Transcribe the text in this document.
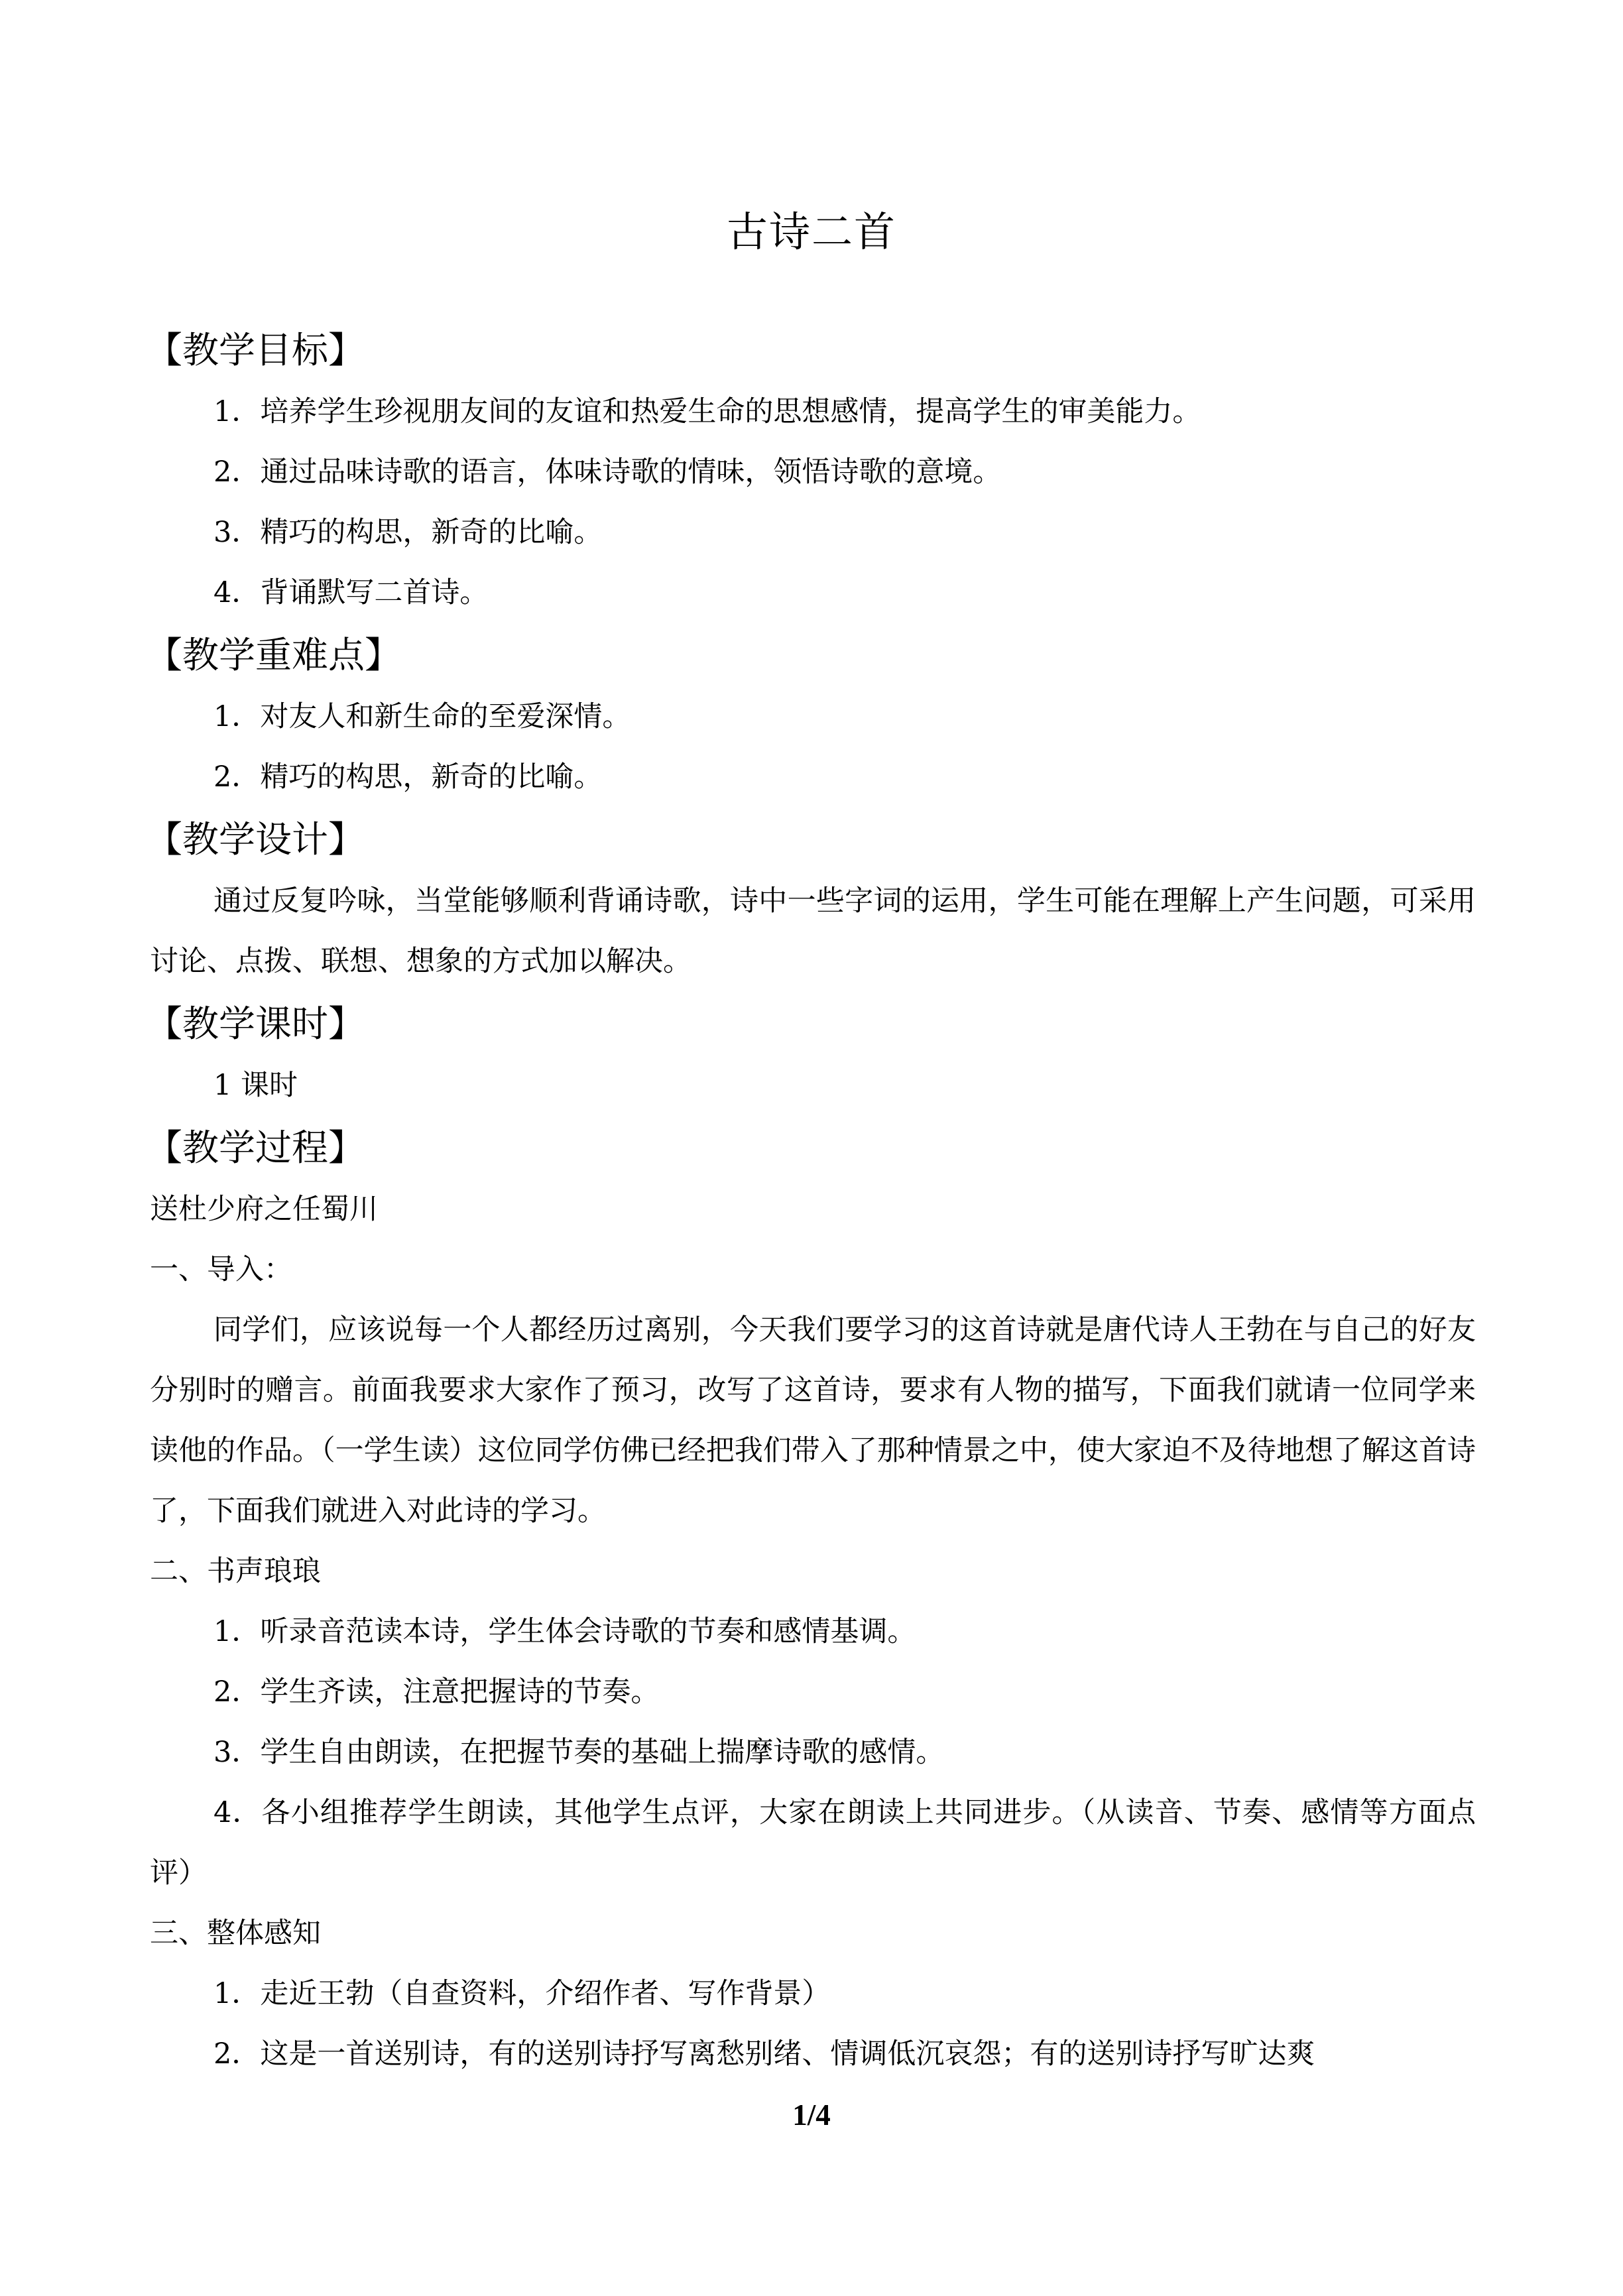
古诗二首
【教学目标】
1．培养学生珍视朋友间的友谊和热爱生命的思想感情，提高学生的审美能力。
2．通过品味诗歌的语言，体味诗歌的情味，领悟诗歌的意境。
3．精巧的构思，新奇的比喻。
4．背诵默写二首诗。
【教学重难点】
1．对友人和新生命的至爱深情。
2．精巧的构思，新奇的比喻。
【教学设计】
通过反复吟咏，当堂能够顺利背诵诗歌，诗中一些字词的运用，学生可能在理解上产生问题，可采用讨论、点拨、联想、想象的方式加以解决。
【教学课时】
1 课时
【教学过程】
送杜少府之任蜀川
一、导入：
同学们，应该说每一个人都经历过离别，今天我们要学习的这首诗就是唐代诗人王勃在与自己的好友分别时的赠言。前面我要求大家作了预习，改写了这首诗，要求有人物的描写，下面我们就请一位同学来读他的作品。（一学生读）这位同学仿佛已经把我们带入了那种情景之中，使大家迫不及待地想了解这首诗了，下面我们就进入对此诗的学习。
二、书声琅琅
1．听录音范读本诗，学生体会诗歌的节奏和感情基调。
2．学生齐读，注意把握诗的节奏。
3．学生自由朗读，在把握节奏的基础上揣摩诗歌的感情。
4．各小组推荐学生朗读，其他学生点评，大家在朗读上共同进步。（从读音、节奏、感情等方面点评）
三、整体感知
1．走近王勃（自查资料，介绍作者、写作背景）
2．这是一首送别诗，有的送别诗抒写离愁别绪、情调低沉哀怨；有的送别诗抒写旷达爽
1/4
